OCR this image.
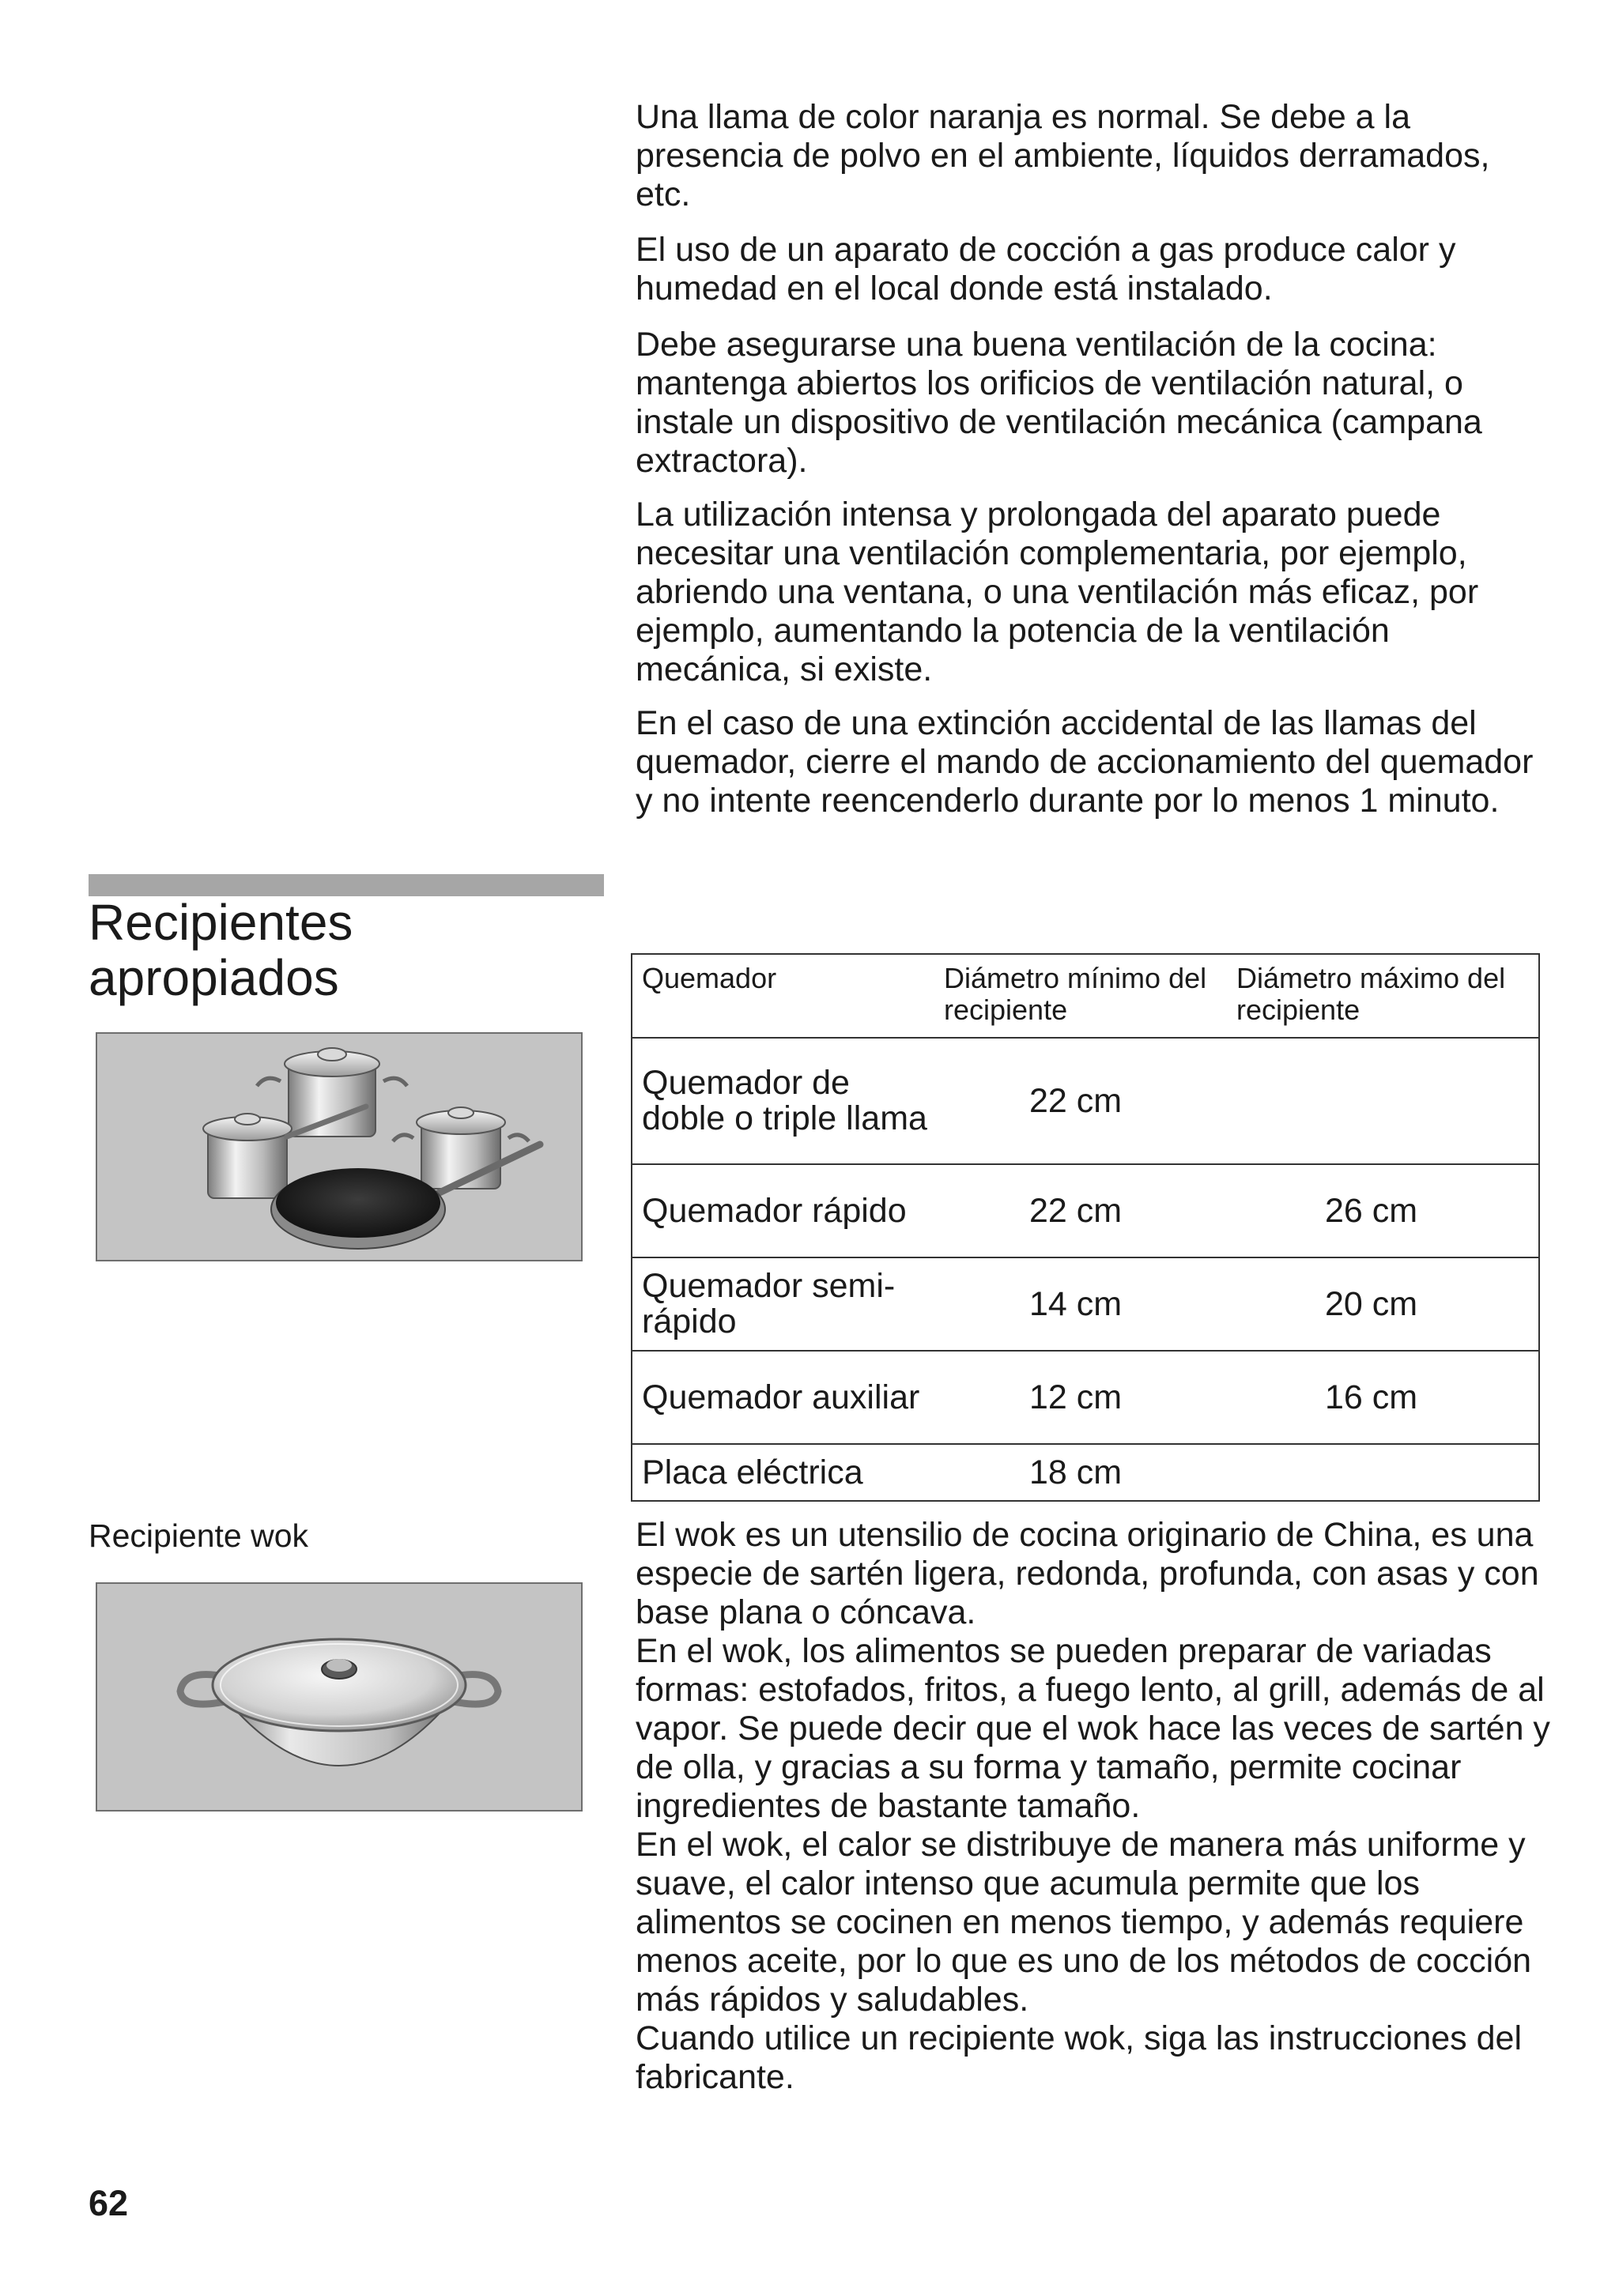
Una llama de color naranja es normal. Se debe a la presencia de polvo en el ambiente, líquidos derramados, etc.

El uso de un aparato de cocción a gas produce calor y humedad en el local donde está instalado.

Debe asegurarse una buena ventilación de la cocina: mantenga abiertos los orificios de ventilación natural, o instale un dispositivo de ventilación mecánica (campana extractora).

La utilización intensa y prolongada del aparato puede necesitar una ventilación complementaria, por ejemplo, abriendo una ventana, o una ventilación más eficaz, por ejemplo, aumentando la potencia de la ventilación mecánica, si existe.

En el caso de una extinción accidental de las llamas del quemador, cierre el mando de accionamiento del quemador y no intente reencenderlo durante por lo menos 1 minuto.

Recipientes apropiados	Quemador	Diámetro mínimo del recipiente	Diámetro máximo del recipiente
Quemador de doble o triple llama	22 cm	
Quemador rápido	22 cm	26 cm
Quemador semi-rápido	14 cm	20 cm
Quemador auxiliar	12 cm	16 cm
Placa eléctrica	18 cm	
Recipiente wok	El wok es un utensilio de cocina originario de China, es una especie de sartén ligera, redonda, profunda, con asas y con base plana o cóncava.
En el wok, los alimentos se pueden preparar de variadas formas: estofados, fritos, a fuego lento, al grill, además de al vapor. Se puede decir que el wok hace las veces de sartén y de olla, y gracias a su forma y tamaño, permite cocinar ingredientes de bastante tamaño.
En el wok, el calor se distribuye de manera más uniforme y suave, el calor intenso que acumula permite que los alimentos se cocinen en menos tiempo, y además requiere menos aceite, por lo que es uno de los métodos de cocción más rápidos y saludables.
Cuando utilice un recipiente wok, siga las instrucciones del fabricante.

62
